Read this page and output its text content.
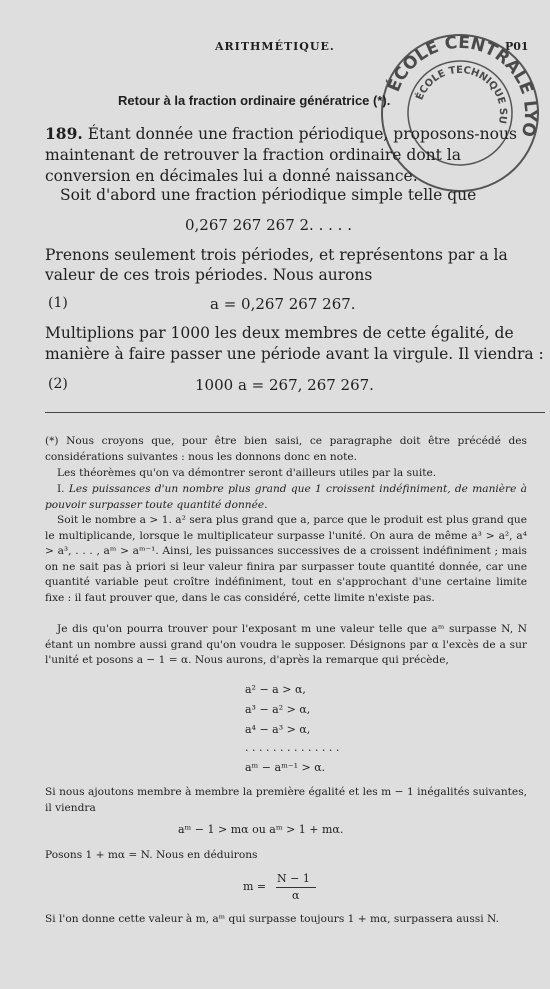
ARITHMÉTIQUE.	P01
ÉCOLE CENTRALE LYONNAISE
ÉCOLE TECHNIQUE SUPÉRIEURE
Retour à la fraction ordinaire génératrice (*).
189. Étant donnée une fraction périodique, proposons-nous maintenant de retrouver la fraction ordinaire dont la conversion en décimales lui a donné naissance.
Soit d'abord une fraction périodique simple telle que
0,267 267 267 2. . . . .
Prenons seulement trois périodes, et représentons par a la
valeur de ces trois périodes. Nous aurons
(1)	a = 0,267 267 267.
Multiplions par 1000 les deux membres de cette égalité, de
manière à faire passer une période avant la virgule. Il viendra :
(2)	1000 a = 267, 267 267.
(*) Nous croyons que, pour être bien saisi, ce paragraphe doit être précédé des considérations suivantes : nous les donnons donc en note.
Les théorèmes qu'on va démontrer seront d'ailleurs utiles par la suite.
I. Les puissances d'un nombre plus grand que 1 croissent indéfiniment, de manière à pouvoir surpasser toute quantité donnée.
Soit le nombre a > 1. a² sera plus grand que a, parce que le produit est plus grand que le multiplicande, lorsque le multiplicateur surpasse l'unité. On aura de même a³ > a², a⁴ > a³, . . . , aᵐ > aᵐ⁻¹. Ainsi, les puissances successives de a croissent indéfiniment ; mais on ne sait pas à priori si leur valeur finira par surpasser toute quantité donnée, car une quantité variable peut croître indéfiniment, tout en s'approchant d'une certaine limite fixe : il faut prouver que, dans le cas considéré, cette limite n'existe pas.
Je dis qu'on pourra trouver pour l'exposant m une valeur telle que aᵐ surpasse N, N étant un nombre aussi grand qu'on voudra le supposer. Désignons par α l'excès de a sur l'unité et posons a − 1 = α. Nous aurons, d'après la remarque qui précède,
a² − a > α,
a³ − a² > α,
a⁴ − a³ > α,
. . . . . . . . . . . . . .
aᵐ − aᵐ⁻¹ > α.
Si nous ajoutons membre à membre la première égalité et les m − 1 inégalités suivantes, il viendra
aᵐ − 1 > mα ou aᵐ > 1 + mα.
Posons 1 + mα = N. Nous en déduirons
m =
N − 1
α
Si l'on donne cette valeur à m, aᵐ qui surpasse toujours 1 + mα, surpassera aussi N.
